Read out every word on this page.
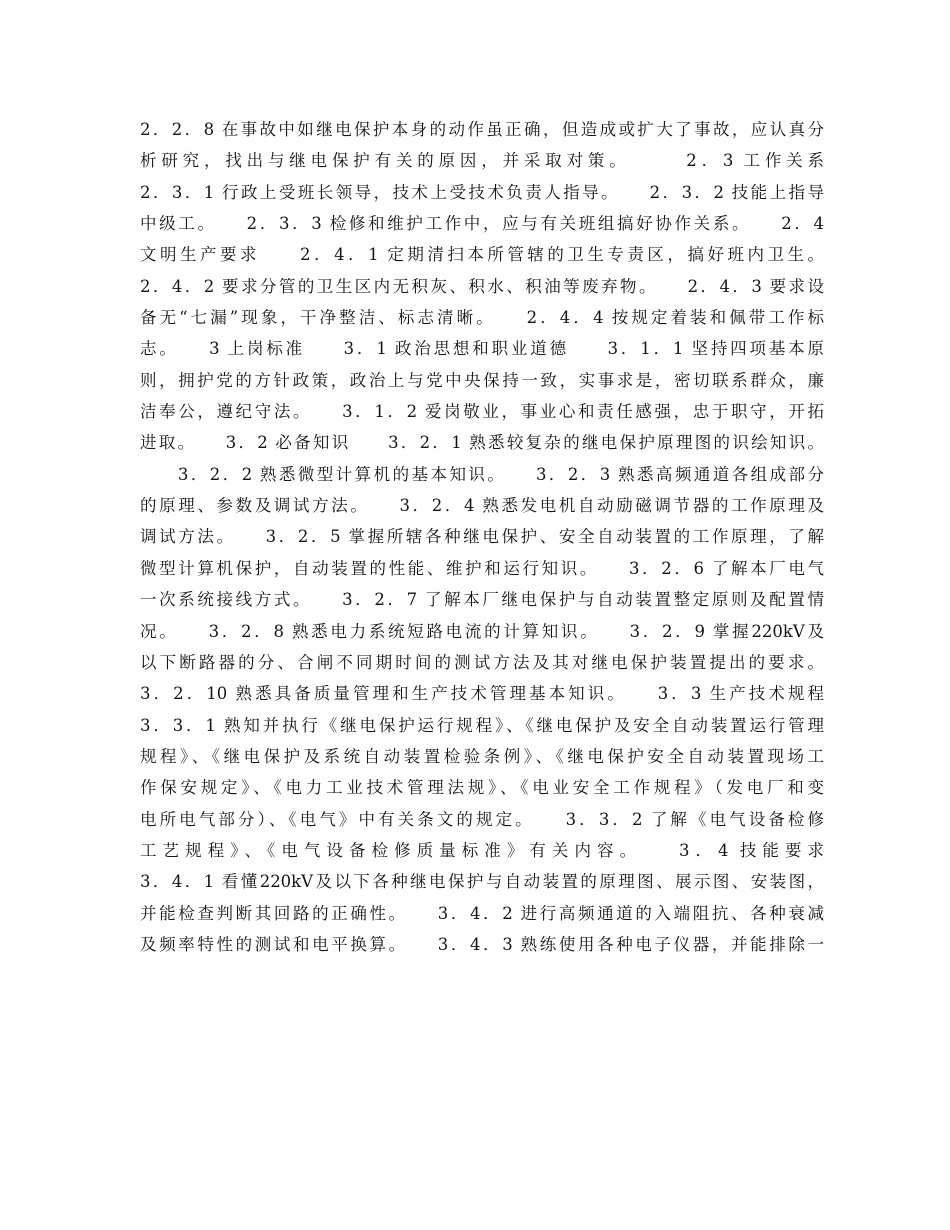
2．2．8 在事故中如继电保护本身的动作虽正确，但造成或扩大了事故，应认真分
析研究，找出与继电保护有关的原因，并采取对策。　　　2．3 工作关系
2．3．1 行政上受班长领导，技术上受技术负责人指导。　　2．3．2 技能上指导
中级工。　　2．3．3 检修和维护工作中，应与有关班组搞好协作关系。　　2．4
文明生产要求　　2．4．1 定期清扫本所管辖的卫生专责区，搞好班内卫生。
2．4．2 要求分管的卫生区内无积灰、积水、积油等废弃物。　　2．4．3 要求设
备无“七漏”现象，干净整洁、标志清晰。　　2．4．4 按规定着装和佩带工作标
志。　　3 上岗标准　　3．1 政治思想和职业道德　　3．1．1 坚持四项基本原
则，拥护党的方针政策，政治上与党中央保持一致，实事求是，密切联系群众，廉
洁奉公，遵纪守法。　　3．1．2 爱岗敬业，事业心和责任感强，忠于职守，开拓
进取。　　3．2 必备知识　　3．2．1 熟悉较复杂的继电保护原理图的识绘知识。
　　3．2．2 熟悉微型计算机的基本知识。　　3．2．3 熟悉高频通道各组成部分
的原理、参数及调试方法。　　3．2．4 熟悉发电机自动励磁调节器的工作原理及
调试方法。　　3．2．5 掌握所辖各种继电保护、安全自动装置的工作原理，了解
微型计算机保护，自动装置的性能、维护和运行知识。　　3．2．6 了解本厂电气
一次系统接线方式。　　3．2．7 了解本厂继电保护与自动装置整定原则及配置情
况。　　3．2．8 熟悉电力系统短路电流的计算知识。　　3．2．9 掌握220kV及
以下断路器的分、合闸不同期时间的测试方法及其对继电保护装置提出的要求。
3．2．10 熟悉具备质量管理和生产技术管理基本知识。　　3．3 生产技术规程
3．3．1 熟知并执行《继电保护运行规程》、《继电保护及安全自动装置运行管理
规程》、《继电保护及系统自动装置检验条例》、《继电保护安全自动装置现场工
作保安规定》、《电力工业技术管理法规》、《电业安全工作规程》（发电厂和变
电所电气部分）、《电气》中有关条文的规定。　　3．3．2 了解《电气设备检修
工艺规程》、《电气设备检修质量标准》有关内容。　　3．4 技能要求
3．4．1 看懂220kV及以下各种继电保护与自动装置的原理图、展示图、安装图，
并能检查判断其回路的正确性。　　3．4．2 进行高频通道的入端阻抗、各种衰减
及频率特性的测试和电平换算。　　3．4．3 熟练使用各种电子仪器，并能排除一
